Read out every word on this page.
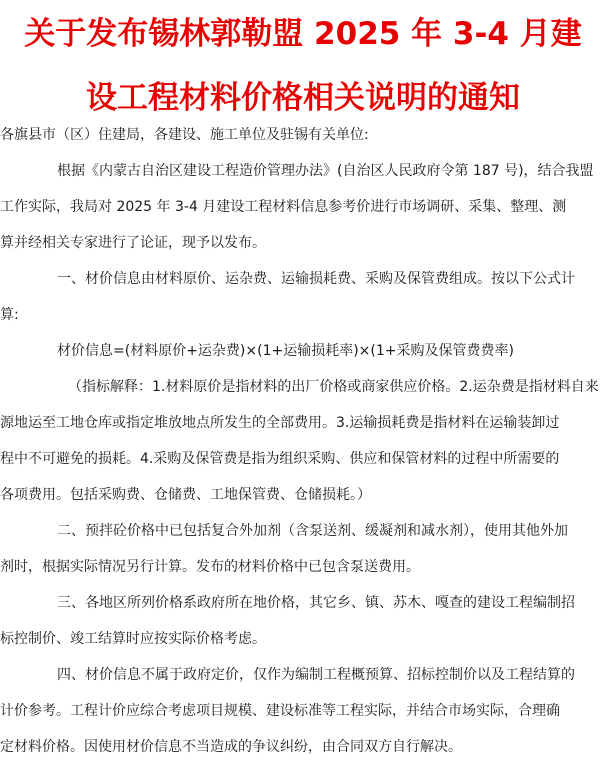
关于发布锡林郭勒盟 2025 年 3-4 月建
设工程材料价格相关说明的通知
各旗县市（区）住建局，各建设、施工单位及驻锡有关单位:
根据《内蒙古自治区建设工程造价管理办法》(自治区人民政府令第 187 号)，结合我盟
工作实际，我局对 2025 年 3-4 月建设工程材料信息参考价进行市场调研、采集、整理、测
算并经相关专家进行了论证，现予以发布。
一、材价信息由材料原价、运杂费、运输损耗费、采购及保管费组成。按以下公式计
算:
材价信息=(材料原价+运杂费)×(1+运输损耗率)×(1+采购及保管费费率)
（指标解释：1.材料原价是指材料的出厂价格或商家供应价格。2.运杂费是指材料自来
源地运至工地仓库或指定堆放地点所发生的全部费用。3.运输损耗费是指材料在运输装卸过
程中不可避免的损耗。4.采购及保管费是指为组织采购、供应和保管材料的过程中所需要的
各项费用。包括采购费、仓储费、工地保管费、仓储损耗。）
二、预拌砼价格中已包括复合外加剂（含泵送剂、缓凝剂和减水剂），使用其他外加
剂时，根据实际情况另行计算。发布的材料价格中已包含泵送费用。
三、各地区所列价格系政府所在地价格，其它乡、镇、苏木、嘎查的建设工程编制招
标控制价、竣工结算时应按实际价格考虑。
四、材价信息不属于政府定价，仅作为编制工程概预算、招标控制价以及工程结算的
计价参考。工程计价应综合考虑项目规模、建设标准等工程实际，并结合市场实际，合理确
定材料价格。因使用材价信息不当造成的争议纠纷，由合同双方自行解决。
